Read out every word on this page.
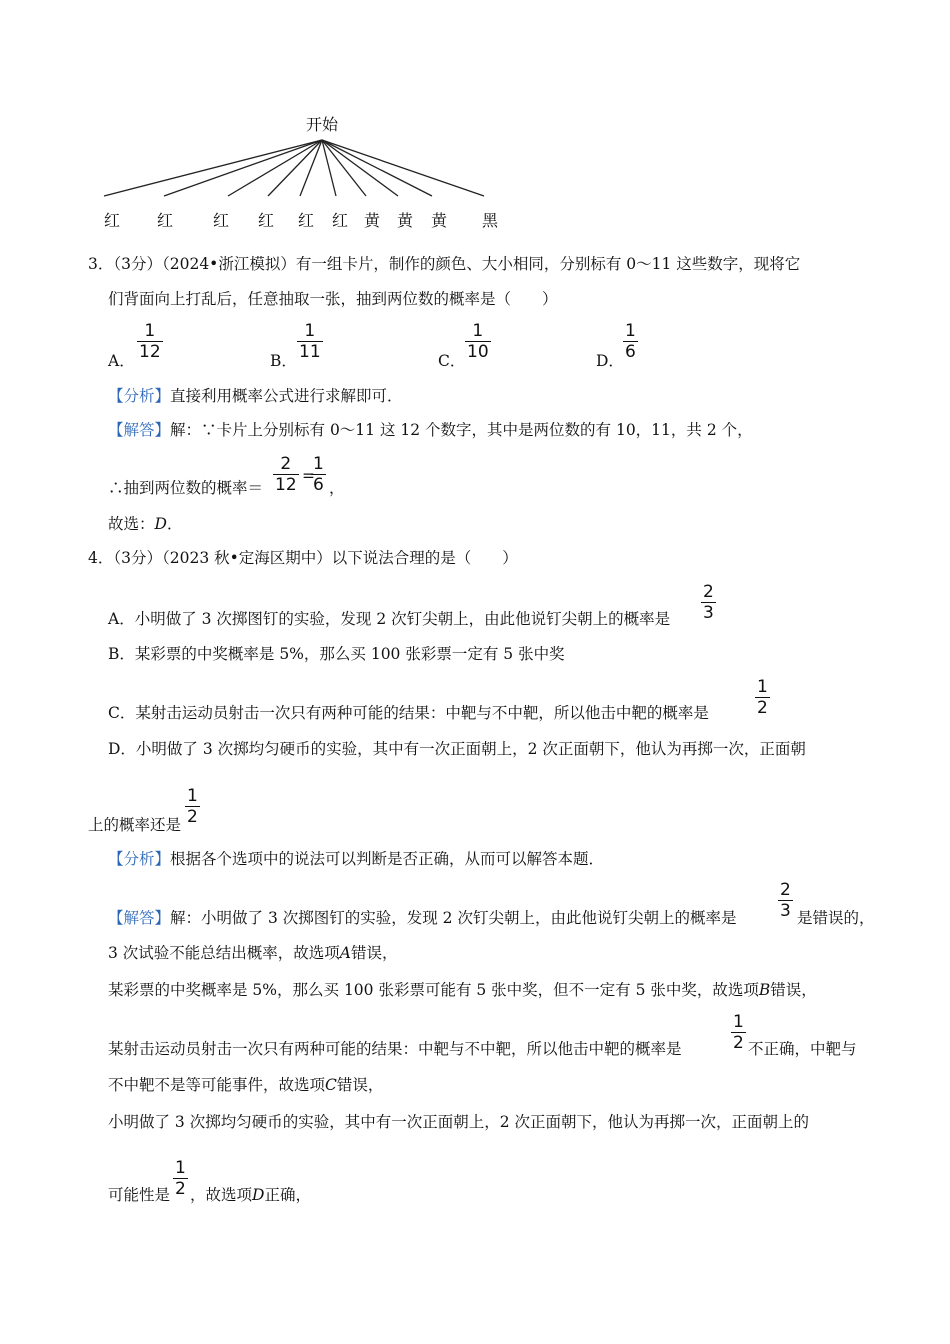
开始
红 红 红 红 红 红 黄 黄 黄 黑
3．（3分）（2024•浙江模拟）有一组卡片，制作的颜色、大小相同，分别标有 0～11 这些数字，现将它
们背面向上打乱后，任意抽取一张，抽到两位数的概率是（　　）
A．
1
12	B．
1
11	C．
1
10	D．
1
6
【分析】直接利用概率公式进行求解即可．
【解答】解：∵卡片上分别标有 0～11 这 12 个数字，其中是两位数的有 10，11，共 2 个，
∴抽到两位数的概率＝
2
12 =
1
6 ，
故选：D．
4．（3分）（2023 秋•定海区期中）以下说法合理的是（　　）
A．小明做了 3 次掷图钉的实验，发现 2 次钉尖朝上，由此他说钉尖朝上的概率是
2
3
B．某彩票的中奖概率是 5%，那么买 100 张彩票一定有 5 张中奖
C．某射击运动员射击一次只有两种可能的结果：中靶与不中靶，所以他击中靶的概率是
1
2
D．小明做了 3 次掷均匀硬币的实验，其中有一次正面朝上，2 次正面朝下，他认为再掷一次，正面朝
上的概率还是
1
2
【分析】根据各个选项中的说法可以判断是否正确，从而可以解答本题．
【解答】解：小明做了 3 次掷图钉的实验，发现 2 次钉尖朝上，由此他说钉尖朝上的概率是
2
3 是错误的，
3 次试验不能总结出概率，故选项A错误，
某彩票的中奖概率是 5%，那么买 100 张彩票可能有 5 张中奖，但不一定有 5 张中奖，故选项B错误，
某射击运动员射击一次只有两种可能的结果：中靶与不中靶，所以他击中靶的概率是
1
2 不正确，中靶与
不中靶不是等可能事件，故选项C错误，
小明做了 3 次掷均匀硬币的实验，其中有一次正面朝上，2 次正面朝下，他认为再掷一次，正面朝上的
可能性是
1
2 ，故选项D正确，
